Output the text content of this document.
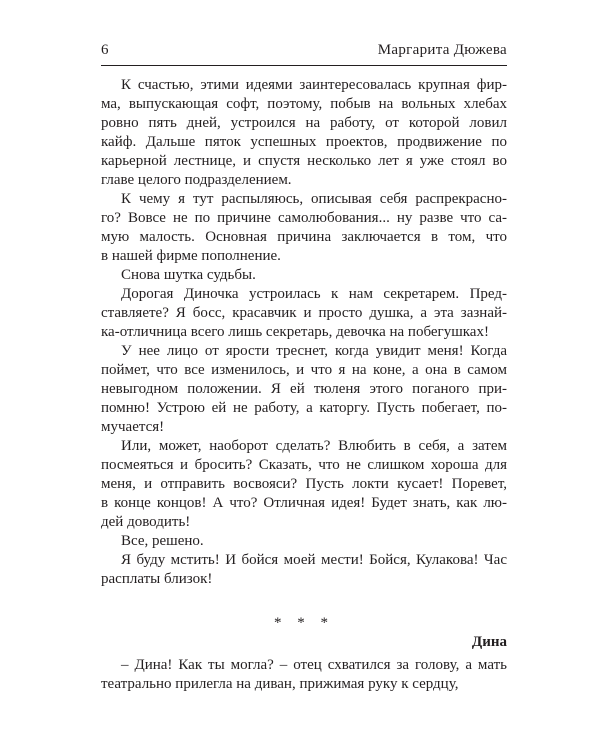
6	Маргарита Дюжева
К счастью, этими идеями заинтересовалась крупная фир-
ма, выпускающая софт, поэтому, побыв на вольных хлебах
ровно пять дней, устроился на работу, от которой ловил
кайф. Дальше пяток успешных проектов, продвижение по
карьерной лестнице, и спустя несколько лет я уже стоял во
главе целого подразделением.
К чему я тут распыляюсь, описывая себя распрекрасно-
го? Вовсе не по причине самолюбования... ну разве что са-
мую малость. Основная причина заключается в том, что
в нашей фирме пополнение.
Снова шутка судьбы.
Дорогая Диночка устроилась к нам секретарем. Пред-
ставляете? Я босс, красавчик и просто душка, а эта зазнай-
ка-отличница всего лишь секретарь, девочка на побегушках!
У нее лицо от ярости треснет, когда увидит меня! Когда
поймет, что все изменилось, и что я на коне, а она в самом
невыгодном положении. Я ей тюленя этого поганого при-
помню! Устрою ей не работу, а каторгу. Пусть побегает, по-
мучается!
Или, может, наоборот сделать? Влюбить в себя, а затем
посмеяться и бросить? Сказать, что не слишком хороша для
меня, и отправить восвояси? Пусть локти кусает! Поревет,
в конце концов! А что? Отличная идея! Будет знать, как лю-
дей доводить!
Все, решено.
Я буду мстить! И бойся моей мести! Бойся, Кулакова! Час
расплаты близок!
* * *
Дина
– Дина! Как ты могла? – отец схватился за голову, а мать
театрально прилегла на диван, прижимая руку к сердцу,
